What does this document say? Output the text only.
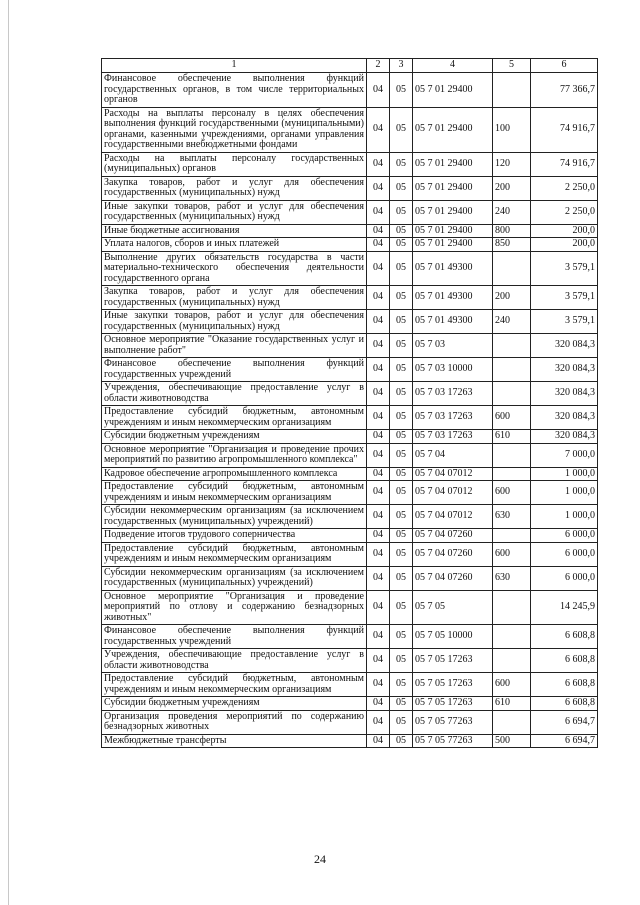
1	2	3	4	5	6
Финансовое обеспечение выполнения функций государственных органов, в том числе территориальных органов	04	05	05 7 01 29400		77 366,7
Расходы на выплаты персоналу в целях обеспечения выполнения функций государственными (муниципальными) органами, казенными учреждениями, органами управления государственными внебюджетными фондами	04	05	05 7 01 29400	100	74 916,7
Расходы на выплаты персоналу государственных (муниципальных) органов	04	05	05 7 01 29400	120	74 916,7
Закупка товаров, работ и услуг для обеспечения государственных (муниципальных) нужд	04	05	05 7 01 29400	200	2 250,0
Иные закупки товаров, работ и услуг для обеспечения государственных (муниципальных) нужд	04	05	05 7 01 29400	240	2 250,0
Иные бюджетные ассигнования	04	05	05 7 01 29400	800	200,0
Уплата налогов, сборов и иных платежей	04	05	05 7 01 29400	850	200,0
Выполнение других обязательств государства в части материально-технического обеспечения деятельности государственного органа	04	05	05 7 01 49300		3 579,1
Закупка товаров, работ и услуг для обеспечения государственных (муниципальных) нужд	04	05	05 7 01 49300	200	3 579,1
Иные закупки товаров, работ и услуг для обеспечения государственных (муниципальных) нужд	04	05	05 7 01 49300	240	3 579,1
Основное мероприятие "Оказание государственных услуг и выполнение работ"	04	05	05 7 03		320 084,3
Финансовое обеспечение выполнения функций государственных учреждений	04	05	05 7 03 10000		320 084,3
Учреждения, обеспечивающие предоставление услуг в области животноводства	04	05	05 7 03 17263		320 084,3
Предоставление субсидий бюджетным, автономным учреждениям и иным некоммерческим организациям	04	05	05 7 03 17263	600	320 084,3
Субсидии бюджетным учреждениям	04	05	05 7 03 17263	610	320 084,3
Основное мероприятие "Организация и проведение прочих мероприятий по развитию агропромышленного комплекса"	04	05	05 7 04		7 000,0
Кадровое обеспечение агропромышленного комплекса	04	05	05 7 04 07012		1 000,0
Предоставление субсидий бюджетным, автономным учреждениям и иным некоммерческим организациям	04	05	05 7 04 07012	600	1 000,0
Субсидии некоммерческим организациям (за исключением государственных (муниципальных) учреждений)	04	05	05 7 04 07012	630	1 000,0
Подведение итогов трудового соперничества	04	05	05 7 04 07260		6 000,0
Предоставление субсидий бюджетным, автономным учреждениям и иным некоммерческим организациям	04	05	05 7 04 07260	600	6 000,0
Субсидии некоммерческим организациям (за исключением государственных (муниципальных) учреждений)	04	05	05 7 04 07260	630	6 000,0
Основное мероприятие "Организация и проведение мероприятий по отлову и содержанию безнадзорных животных"	04	05	05 7 05		14 245,9
Финансовое обеспечение выполнения функций государственных учреждений	04	05	05 7 05 10000		6 608,8
Учреждения, обеспечивающие предоставление услуг в области животноводства	04	05	05 7 05 17263		6 608,8
Предоставление субсидий бюджетным, автономным учреждениям и иным некоммерческим организациям	04	05	05 7 05 17263	600	6 608,8
Субсидии бюджетным учреждениям	04	05	05 7 05 17263	610	6 608,8
Организация проведения мероприятий по содержанию безнадзорных животных	04	05	05 7 05 77263		6 694,7
Межбюджетные трансферты	04	05	05 7 05 77263	500	6 694,7
24
